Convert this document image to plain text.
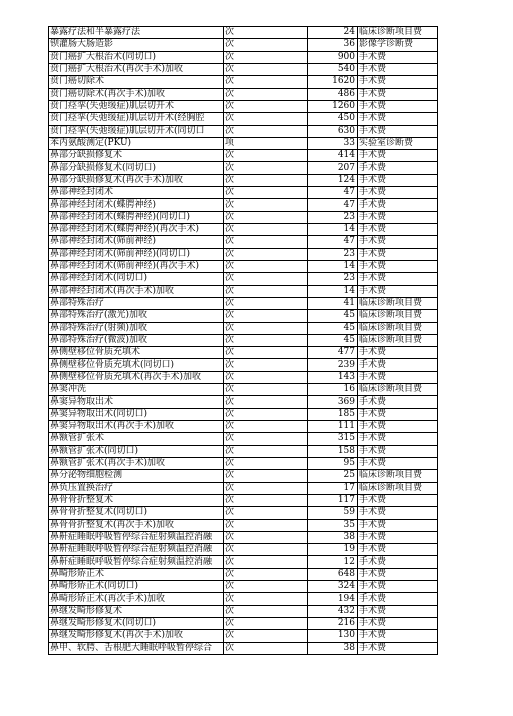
暴露疗法和半暴露疗法	次	24	临床诊断项目费
钡灌肠大肠造影	次	36	影像学诊断费
贲门癌扩大根治术(同切口)	次	900	手术费
贲门癌扩大根治术(再次手术)加收	次	540	手术费
贲门癌切除术	次	1620	手术费
贲门癌切除术(再次手术)加收	次	486	手术费
贲门痉挛(失弛缓症)肌层切开术	次	1260	手术费
贲门痉挛(失弛缓症)肌层切开术(经胸腔	次	450	手术费
贲门痉挛(失弛缓症)肌层切开术(同切口	次	630	手术费
苯丙氨酸测定(PKU)	项	33	实验室诊断费
鼻部分缺损修复术	次	414	手术费
鼻部分缺损修复术(同切口)	次	207	手术费
鼻部分缺损修复术(再次手术)加收	次	124	手术费
鼻部神经封闭术	次	47	手术费
鼻部神经封闭术(蝶腭神经)	次	47	手术费
鼻部神经封闭术(蝶腭神经)(同切口)	次	23	手术费
鼻部神经封闭术(蝶腭神经)(再次手术)	次	14	手术费
鼻部神经封闭术(筛前神经)	次	47	手术费
鼻部神经封闭术(筛前神经)(同切口)	次	23	手术费
鼻部神经封闭术(筛前神经)(再次手术)	次	14	手术费
鼻部神经封闭术(同切口)	次	23	手术费
鼻部神经封闭术(再次手术)加收	次	14	手术费
鼻部特殊治疗	次	41	临床诊断项目费
鼻部特殊治疗(激光)加收	次	45	临床诊断项目费
鼻部特殊治疗(射频)加收	次	45	临床诊断项目费
鼻部特殊治疗(微波)加收	次	45	临床诊断项目费
鼻侧壁移位骨质充填术	次	477	手术费
鼻侧壁移位骨质充填术(同切口)	次	239	手术费
鼻侧壁移位骨质充填术(再次手术)加收	次	143	手术费
鼻窦冲洗	次	16	临床诊断项目费
鼻窦异物取出术	次	369	手术费
鼻窦异物取出术(同切口)	次	185	手术费
鼻窦异物取出术(再次手术)加收	次	111	手术费
鼻额管扩张术	次	315	手术费
鼻额管扩张术(同切口)	次	158	手术费
鼻额管扩张术(再次手术)加收	次	95	手术费
鼻分泌物细胞检测	次	25	临床诊断项目费
鼻负压置换治疗	次	17	临床诊断项目费
鼻骨骨折整复术	次	117	手术费
鼻骨骨折整复术(同切口)	次	59	手术费
鼻骨骨折整复术(再次手术)加收	次	35	手术费
鼻鼾症睡眠呼吸暂停综合症射频温控消融	次	38	手术费
鼻鼾症睡眠呼吸暂停综合症射频温控消融	次	19	手术费
鼻鼾症睡眠呼吸暂停综合症射频温控消融	次	12	手术费
鼻畸形矫正术	次	648	手术费
鼻畸形矫正术(同切口)	次	324	手术费
鼻畸形矫正术(再次手术)加收	次	194	手术费
鼻继发畸形修复术	次	432	手术费
鼻继发畸形修复术(同切口)	次	216	手术费
鼻继发畸形修复术(再次手术)加收	次	130	手术费
鼻甲、软腭、舌根肥大睡眠呼吸暂停综合	次	38	手术费
